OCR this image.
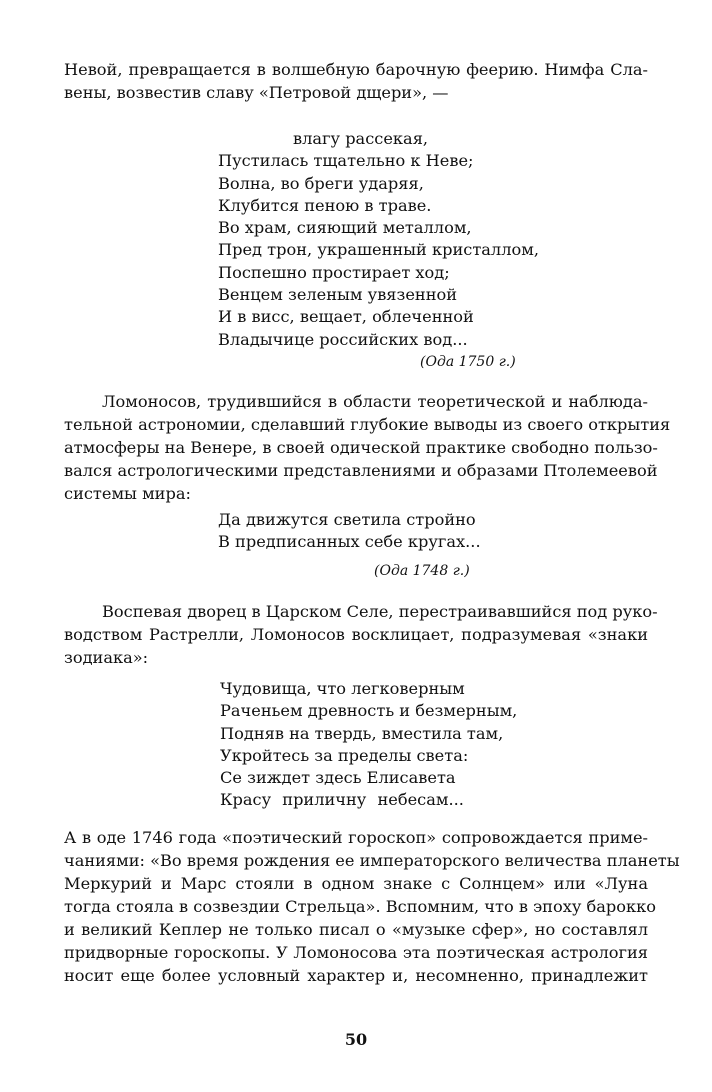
Невой, превращается в волшебную барочную феерию. Нимфа Сла-
вены, возвестив славу «Петровой дщери», —
влагу рассекая,
Пустилась тщательно к Неве;
Волна, во бреги ударяя,
Клубится пеною в траве.
Во храм, сияющий металлом,
Пред трон, украшенный кристаллом,
Поспешно простирает ход;
Венцем зеленым увязенной
И в висс, вещает, облеченной
Владычице российских вод...
(Ода 1750 г.)
Ломоносов, трудившийся в области теоретической и наблюда-
тельной астрономии, сделавший глубокие выводы из своего открытия
атмосферы на Венере, в своей одической практике свободно пользо-
вался астрологическими представлениями и образами Птолемеевой
системы мира:
Да движутся светила стройно
В предписанных себе кругах...
(Ода 1748 г.)
Воспевая дворец в Царском Селе, перестраивавшийся под руко-
водством Растрелли, Ломоносов восклицает, подразумевая «знаки
зодиака»:
Чудовища, что легковерным
Раченьем древность и безмерным,
Подняв на твердь, вместила там,
Укройтесь за пределы света:
Се зиждет здесь Елисавета
Красу приличну небесам...
А в оде 1746 года «поэтический гороскоп» сопровождается приме-
чаниями: «Во время рождения ее императорского величества планеты
Меркурий и Марс стояли в одном знаке с Солнцем» или «Луна
тогда стояла в созвездии Стрельца». Вспомним, что в эпоху барокко
и великий Кеплер не только писал о «музыке сфер», но составлял
придворные гороскопы. У Ломоносова эта поэтическая астрология
носит еще более условный характер и, несомненно, принадлежит
50
